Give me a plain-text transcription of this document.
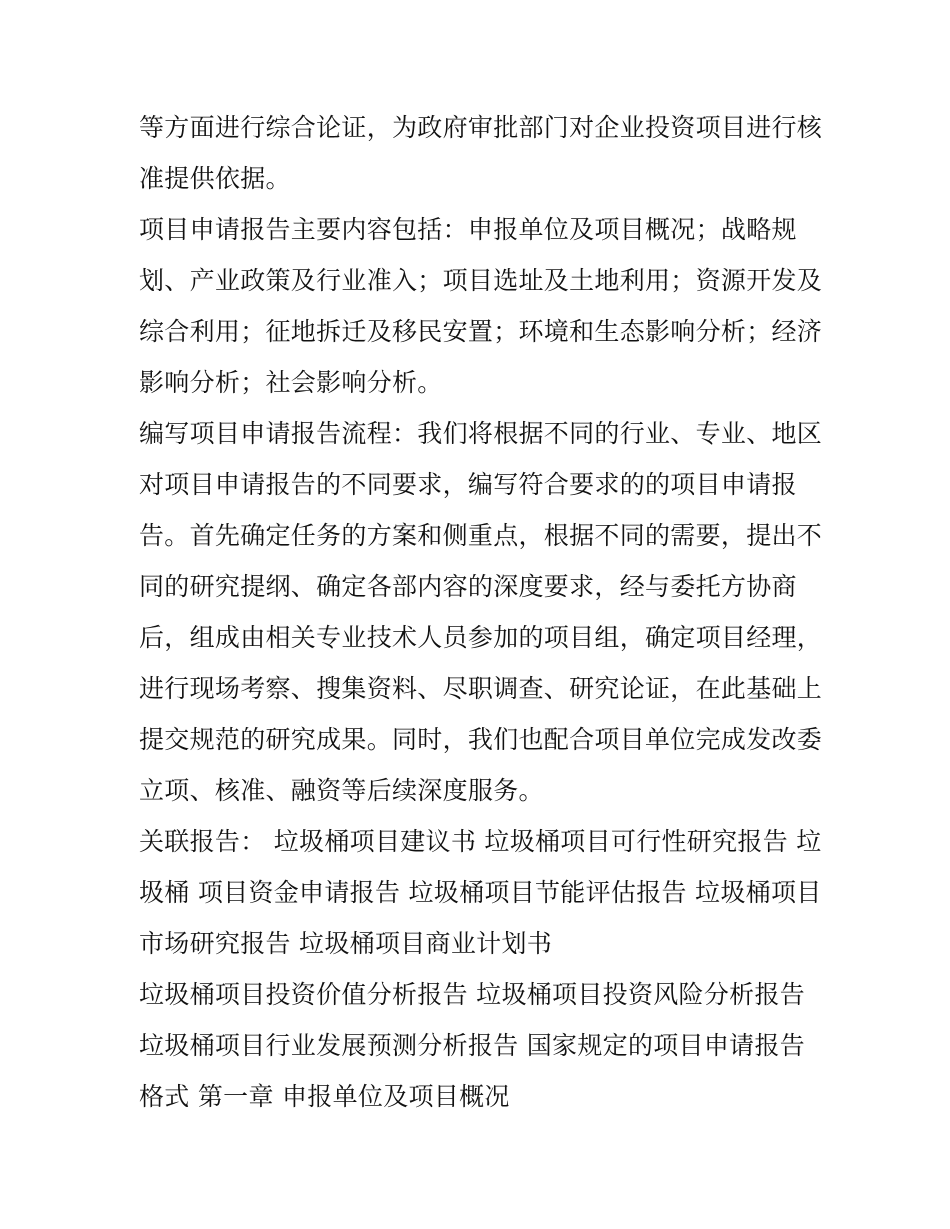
等方面进行综合论证，为政府审批部门对企业投资项目进行核
准提供依据。
项目申请报告主要内容包括：申报单位及项目概况；战略规
划、产业政策及行业准入；项目选址及土地利用；资源开发及
综合利用；征地拆迁及移民安置；环境和生态影响分析；经济
影响分析；社会影响分析。
编写项目申请报告流程：我们将根据不同的行业、专业、地区
对项目申请报告的不同要求，编写符合要求的的项目申请报
告。首先确定任务的方案和侧重点，根据不同的需要，提出不
同的研究提纲、确定各部内容的深度要求，经与委托方协商
后，组成由相关专业技术人员参加的项目组，确定项目经理，
进行现场考察、搜集资料、尽职调查、研究论证，在此基础上
提交规范的研究成果。同时，我们也配合项目单位完成发改委
立项、核准、融资等后续深度服务。
关联报告： 垃圾桶项目建议书 垃圾桶项目可行性研究报告 垃
圾桶 项目资金申请报告 垃圾桶项目节能评估报告 垃圾桶项目
市场研究报告 垃圾桶项目商业计划书
垃圾桶项目投资价值分析报告 垃圾桶项目投资风险分析报告
垃圾桶项目行业发展预测分析报告 国家规定的项目申请报告
格式 第一章 申报单位及项目概况
